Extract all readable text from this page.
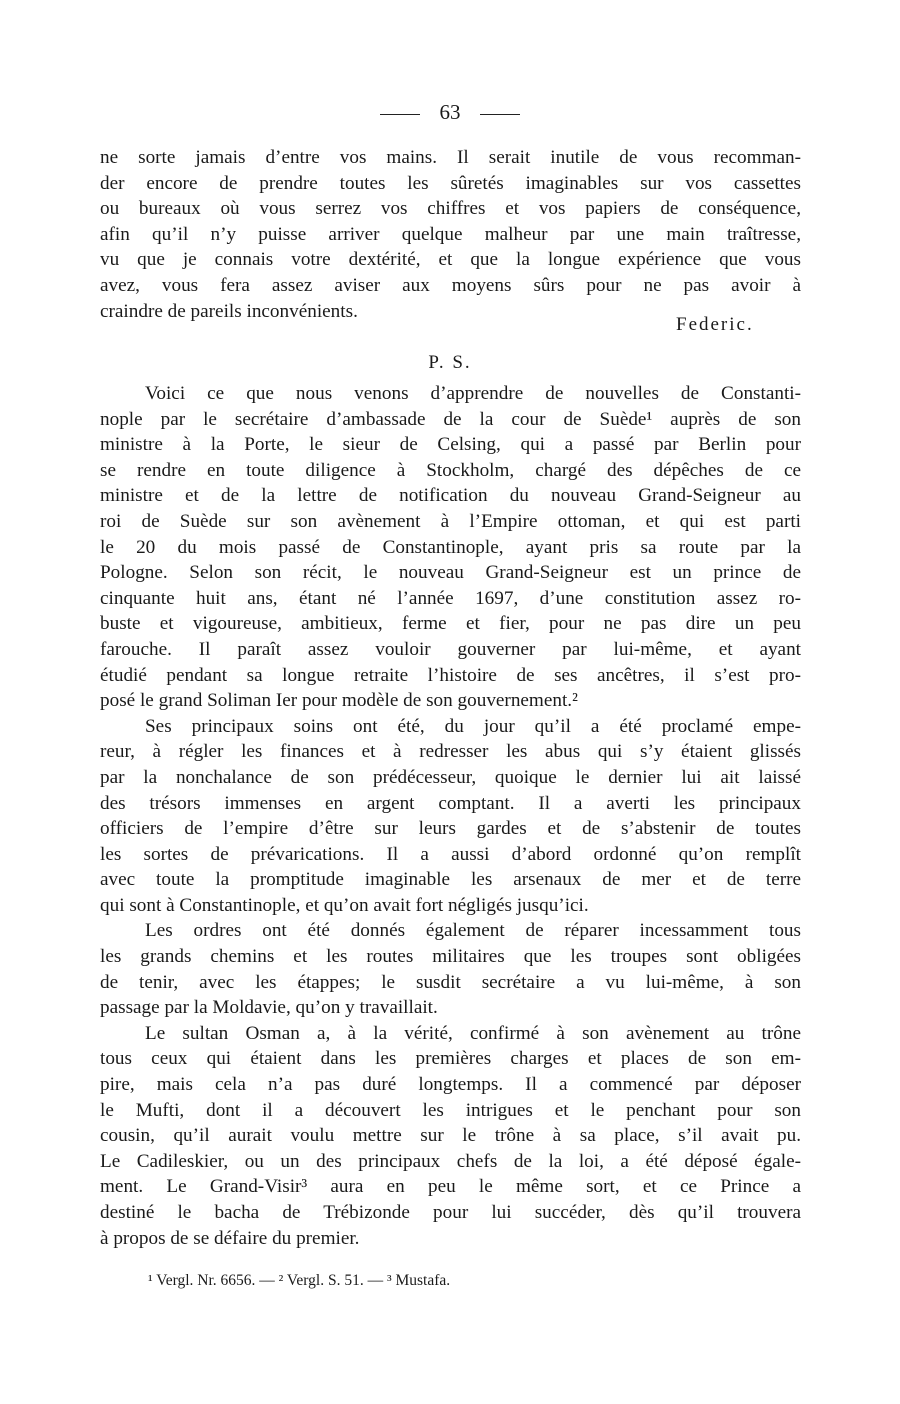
63
ne sorte jamais d’entre vos mains. Il serait inutile de vous recomman-
der encore de prendre toutes les sûretés imaginables sur vos cassettes
ou bureaux où vous serrez vos chiffres et vos papiers de conséquence,
afin qu’il n’y puisse arriver quelque malheur par une main traîtresse,
vu que je connais votre dextérité, et que la longue expérience que vous
avez, vous fera assez aviser aux moyens sûrs pour ne pas avoir à
craindre de pareils inconvénients.
Federic.
P. S.
Voici ce que nous venons d’apprendre de nouvelles de Constanti-
nople par le secrétaire d’ambassade de la cour de Suède¹ auprès de son
ministre à la Porte, le sieur de Celsing, qui a passé par Berlin pour
se rendre en toute diligence à Stockholm, chargé des dépêches de ce
ministre et de la lettre de notification du nouveau Grand-Seigneur au
roi de Suède sur son avènement à l’Empire ottoman, et qui est parti
le 20 du mois passé de Constantinople, ayant pris sa route par la
Pologne. Selon son récit, le nouveau Grand-Seigneur est un prince de
cinquante huit ans, étant né l’année 1697, d’une constitution assez ro-
buste et vigoureuse, ambitieux, ferme et fier, pour ne pas dire un peu
farouche. Il paraît assez vouloir gouverner par lui-même, et ayant
étudié pendant sa longue retraite l’histoire de ses ancêtres, il s’est pro-
posé le grand Soliman Ier pour modèle de son gouvernement.²
Ses principaux soins ont été, du jour qu’il a été proclamé empe-
reur, à régler les finances et à redresser les abus qui s’y étaient glissés
par la nonchalance de son prédécesseur, quoique le dernier lui ait laissé
des trésors immenses en argent comptant. Il a averti les principaux
officiers de l’empire d’être sur leurs gardes et de s’abstenir de toutes
les sortes de prévarications. Il a aussi d’abord ordonné qu’on remplît
avec toute la promptitude imaginable les arsenaux de mer et de terre
qui sont à Constantinople, et qu’on avait fort négligés jusqu’ici.
Les ordres ont été donnés également de réparer incessamment tous
les grands chemins et les routes militaires que les troupes sont obligées
de tenir, avec les étappes; le susdit secrétaire a vu lui-même, à son
passage par la Moldavie, qu’on y travaillait.
Le sultan Osman a, à la vérité, confirmé à son avènement au trône
tous ceux qui étaient dans les premières charges et places de son em-
pire, mais cela n’a pas duré longtemps. Il a commencé par déposer
le Mufti, dont il a découvert les intrigues et le penchant pour son
cousin, qu’il aurait voulu mettre sur le trône à sa place, s’il avait pu.
Le Cadileskier, ou un des principaux chefs de la loi, a été déposé égale-
ment. Le Grand-Visir³ aura en peu le même sort, et ce Prince a
destiné le bacha de Trébizonde pour lui succéder, dès qu’il trouvera
à propos de se défaire du premier.
¹ Vergl. Nr. 6656. — ² Vergl. S. 51. — ³ Mustafa.
